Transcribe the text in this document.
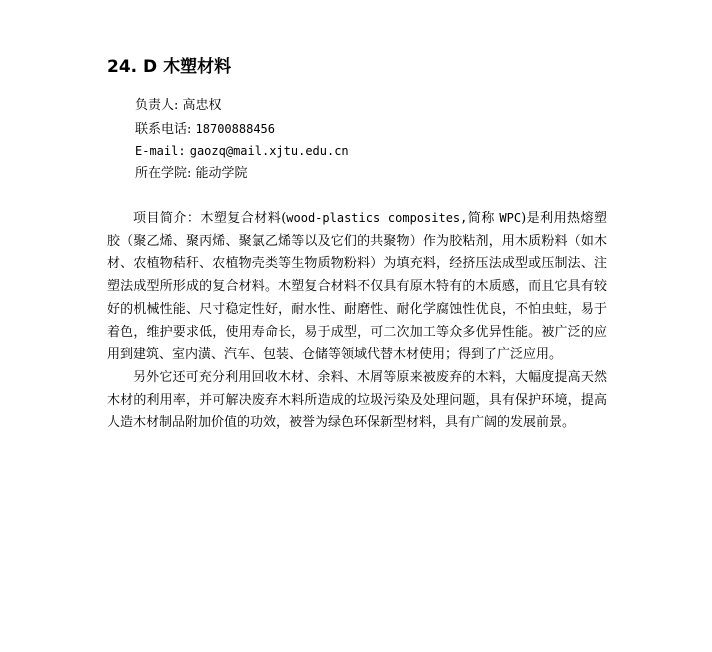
24. D 木塑材料
负责人: 高忠权
联系电话: 18700888456
E-mail: gaozq@mail.xjtu.edu.cn
所在学院: 能动学院

项目简介：木塑复合材料(wood-plastics composites,简称 WPC)是利用热熔塑胶（聚乙烯、聚丙烯、聚氯乙烯等以及它们的共聚物）作为胶粘剂，用木质粉料（如木材、农植物秸秆、农植物壳类等生物质物粉料）为填充料，经挤压法成型或压制法、注塑法成型所形成的复合材料。木塑复合材料不仅具有原木特有的木质感，而且它具有较好的机械性能、尺寸稳定性好，耐水性、耐磨性、耐化学腐蚀性优良，不怕虫蛀，易于着色，维护要求低，使用寿命长，易于成型，可二次加工等众多优异性能。被广泛的应用到建筑、室内潢、汽车、包装、仓储等领域代替木材使用；得到了广泛应用。

另外它还可充分利用回收木材、余料、木屑等原来被废弃的木料，大幅度提高天然木材的利用率，并可解决废弃木料所造成的垃圾污染及处理问题，具有保护环境，提高人造木材制品附加价值的功效，被誉为绿色环保新型材料，具有广阔的发展前景。
